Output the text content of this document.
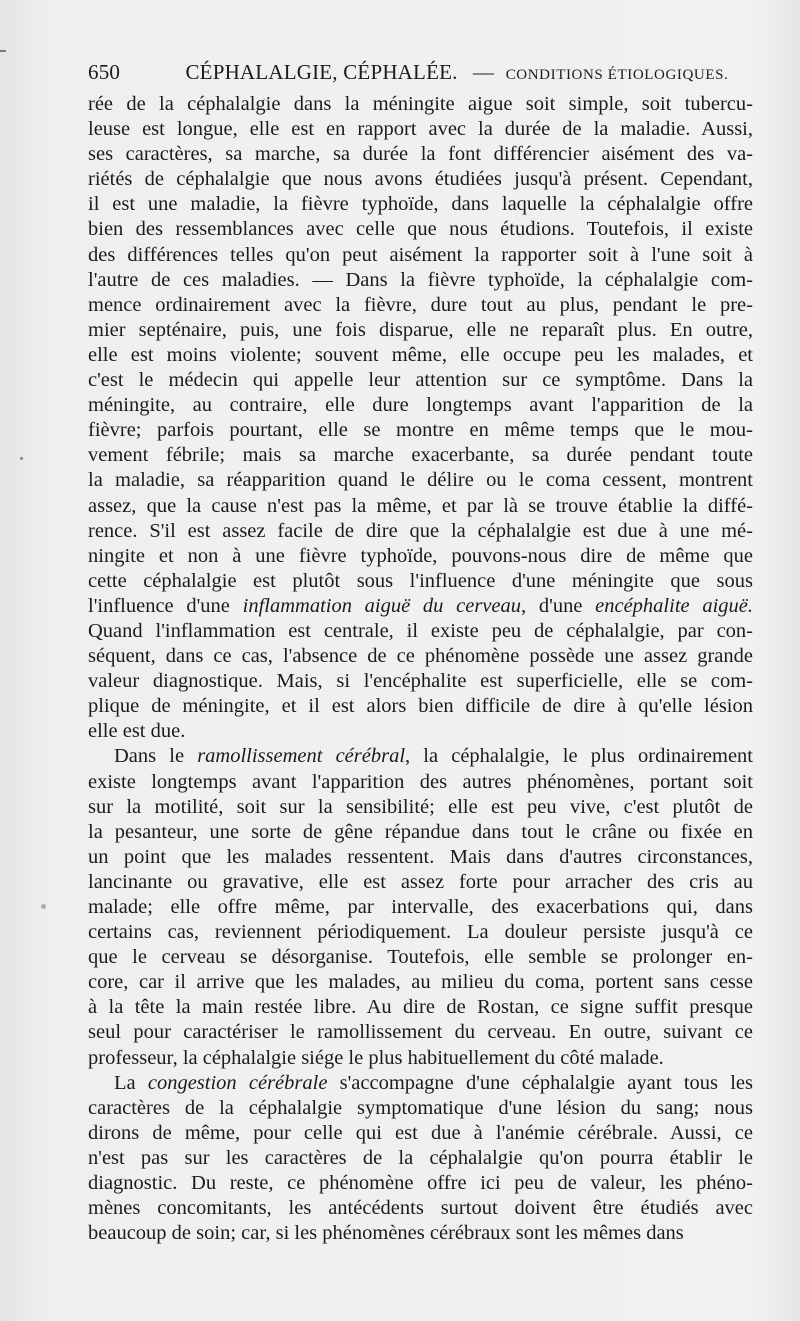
650	CÉPHALALGIE, CÉPHALÉE. — CONDITIONS ÉTIOLOGIQUES.
rée de la céphalalgie dans la méningite aigue soit simple, soit tubercu-
leuse est longue, elle est en rapport avec la durée de la maladie. Aussi,
ses caractères, sa marche, sa durée la font différencier aisément des va-
riétés de céphalalgie que nous avons étudiées jusqu'à présent. Cependant,
il est une maladie, la fièvre typhoïde, dans laquelle la céphalalgie offre
bien des ressemblances avec celle que nous étudions. Toutefois, il existe
des différences telles qu'on peut aisément la rapporter soit à l'une soit à
l'autre de ces maladies. — Dans la fièvre typhoïde, la céphalalgie com-
mence ordinairement avec la fièvre, dure tout au plus, pendant le pre-
mier septénaire, puis, une fois disparue, elle ne reparaît plus. En outre,
elle est moins violente; souvent même, elle occupe peu les malades, et
c'est le médecin qui appelle leur attention sur ce symptôme. Dans la
méningite, au contraire, elle dure longtemps avant l'apparition de la
fièvre; parfois pourtant, elle se montre en même temps que le mou-
vement fébrile; mais sa marche exacerbante, sa durée pendant toute
la maladie, sa réapparition quand le délire ou le coma cessent, montrent
assez, que la cause n'est pas la même, et par là se trouve établie la diffé-
rence. S'il est assez facile de dire que la céphalalgie est due à une mé-
ningite et non à une fièvre typhoïde, pouvons-nous dire de même que
cette céphalalgie est plutôt sous l'influence d'une méningite que sous
l'influence d'une inflammation aiguë du cerveau, d'une encéphalite aiguë.
Quand l'inflammation est centrale, il existe peu de céphalalgie, par con-
séquent, dans ce cas, l'absence de ce phénomène possède une assez grande
valeur diagnostique. Mais, si l'encéphalite est superficielle, elle se com-
plique de méningite, et il est alors bien difficile de dire à qu'elle lésion
elle est due.
Dans le ramollissement cérébral, la céphalalgie, le plus ordinairement
existe longtemps avant l'apparition des autres phénomènes, portant soit
sur la motilité, soit sur la sensibilité; elle est peu vive, c'est plutôt de
la pesanteur, une sorte de gêne répandue dans tout le crâne ou fixée en
un point que les malades ressentent. Mais dans d'autres circonstances,
lancinante ou gravative, elle est assez forte pour arracher des cris au
malade; elle offre même, par intervalle, des exacerbations qui, dans
certains cas, reviennent périodiquement. La douleur persiste jusqu'à ce
que le cerveau se désorganise. Toutefois, elle semble se prolonger en-
core, car il arrive que les malades, au milieu du coma, portent sans cesse
à la tête la main restée libre. Au dire de Rostan, ce signe suffit presque
seul pour caractériser le ramollissement du cerveau. En outre, suivant ce
professeur, la céphalalgie siége le plus habituellement du côté malade.
La congestion cérébrale s'accompagne d'une céphalalgie ayant tous les
caractères de la céphalalgie symptomatique d'une lésion du sang; nous
dirons de même, pour celle qui est due à l'anémie cérébrale. Aussi, ce
n'est pas sur les caractères de la céphalalgie qu'on pourra établir le
diagnostic. Du reste, ce phénomène offre ici peu de valeur, les phéno-
mènes concomitants, les antécédents surtout doivent être étudiés avec
beaucoup de soin; car, si les phénomènes cérébraux sont les mêmes dans
